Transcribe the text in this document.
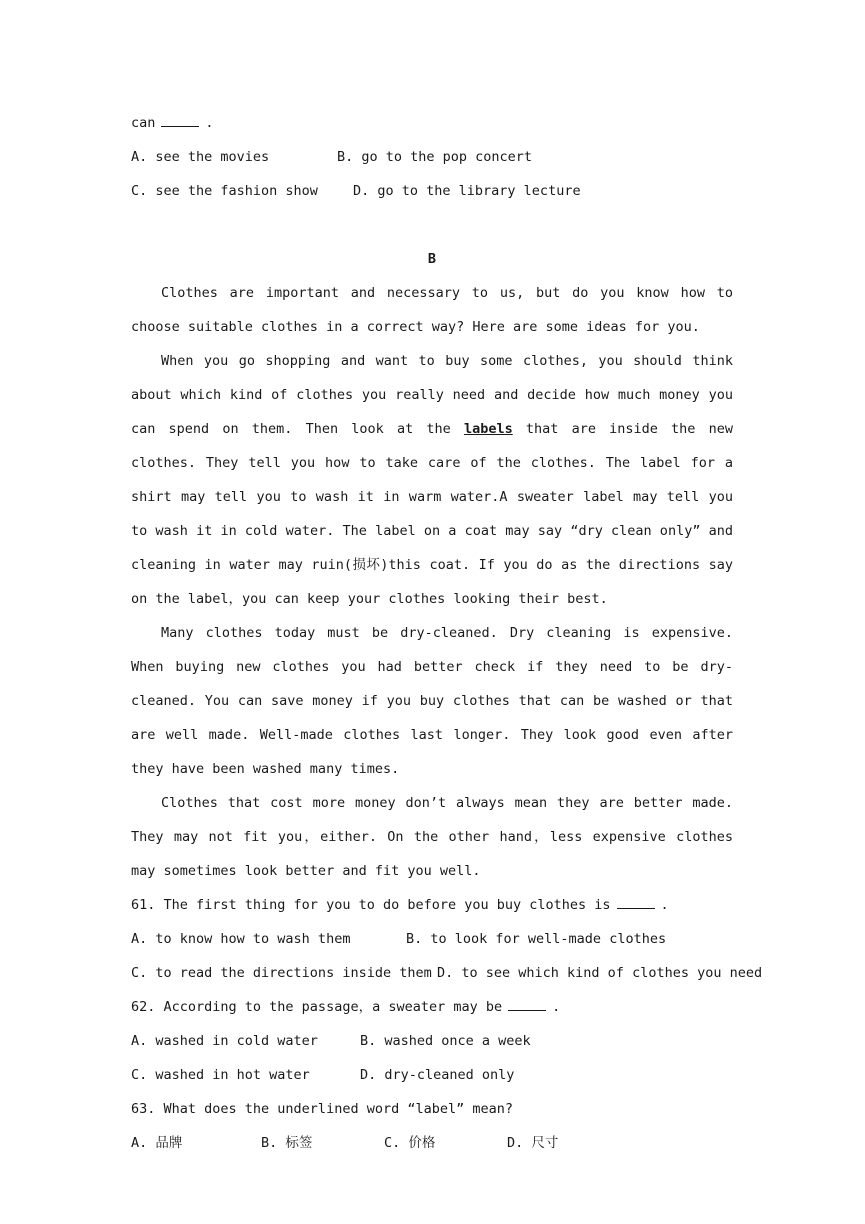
can	.
A. see the movies	B. go to the pop concert
C. see the fashion show	D. go to the library lecture
B

Clothes are important and necessary to us, but do you know how to choose suitable clothes in a correct way? Here are some ideas for you.

When you go shopping and want to buy some clothes, you should think about which kind of clothes you really need and decide how much money you can spend on them. Then look at the labels that are inside the new clothes. They tell you how to take care of the clothes. The label for a shirt may tell you to wash it in warm water.A sweater label may tell you to wash it in cold water. The label on a coat may say “dry clean only” and cleaning in water may ruin(损坏)this coat. If you do as the directions say on the label，you can keep your clothes looking their best.

Many clothes today must be dry-cleaned. Dry cleaning is expensive. When buying new clothes you had better check if they need to be dry-cleaned. You can save money if you buy clothes that can be washed or that are well made. Well-made clothes last longer. They look good even after they have been washed many times.

Clothes that cost more money don’t always mean they are better made. They may not fit you，either. On the other hand，less expensive clothes may sometimes look better and fit you well.

61. The first thing for you to do before you buy clothes is	.
A. to know how to wash them	B. to look for well-made clothes
C. to read the directions inside them D. to see which kind of clothes you need
62. According to the passage，a sweater may be	.
A. washed in cold water	B. washed once a week
C. washed in hot water	D. dry-cleaned only
63. What does the underlined word “label” mean?
A. 品牌	B. 标签	C. 价格	D. 尺寸
